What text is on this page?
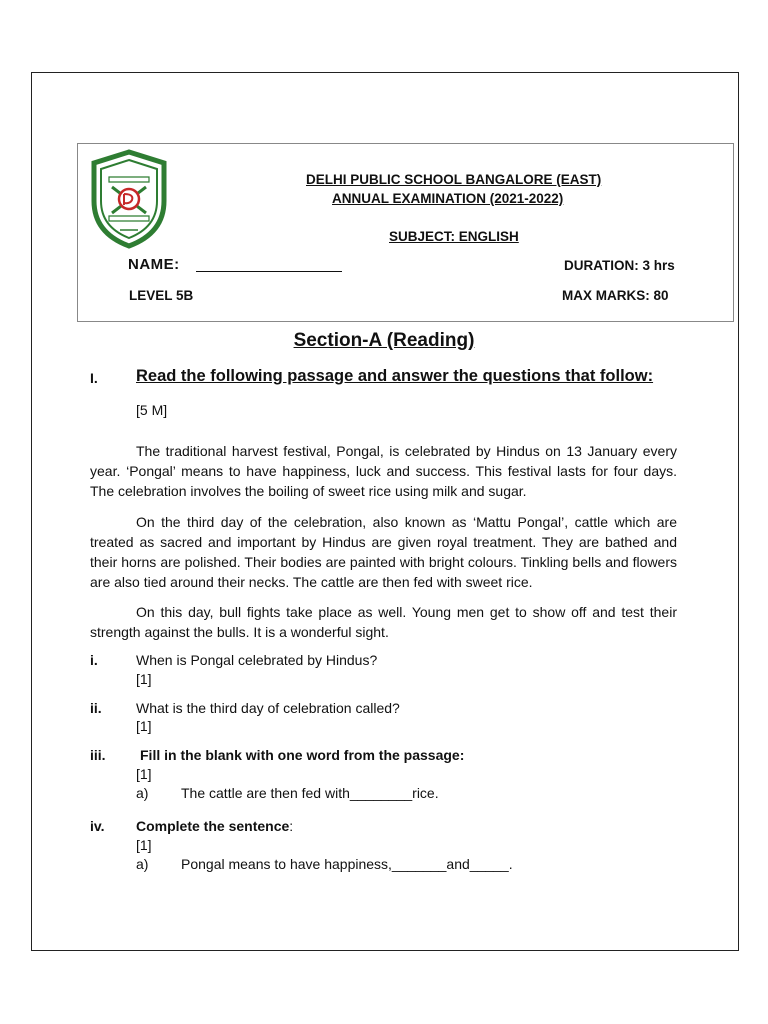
DELHI PUBLIC SCHOOL BANGALORE (EAST)
ANNUAL EXAMINATION (2021-2022)
SUBJECT: ENGLISH
NAME:	DURATION: 3 hrs
LEVEL 5B	MAX MARKS: 80
Section-A (Reading)
I. Read the following passage and answer the questions that follow:
[5 M]

The traditional harvest festival, Pongal, is celebrated by Hindus on 13 January every year. ‘Pongal’ means to have happiness, luck and success. This festival lasts for four days. The celebration involves the boiling of sweet rice using milk and sugar.

On the third day of the celebration, also known as ‘Mattu Pongal’, cattle which are treated as sacred and important by Hindus are given royal treatment. They are bathed and their horns are polished. Their bodies are painted with bright colours. Tinkling bells and flowers are also tied around their necks. The cattle are then fed with sweet rice.

On this day, bull fights take place as well. Young men get to show off and test their strength against the bulls. It is a wonderful sight.

i.	When is Pongal celebrated by Hindus?
[1]
ii. What is the third day of celebration called?
[1]
iii. Fill in the blank with one word from the passage:
[1]
a) The cattle are then fed with________rice.
iv. Complete the sentence:
[1]
a) Pongal means to have happiness,_______and_____.
